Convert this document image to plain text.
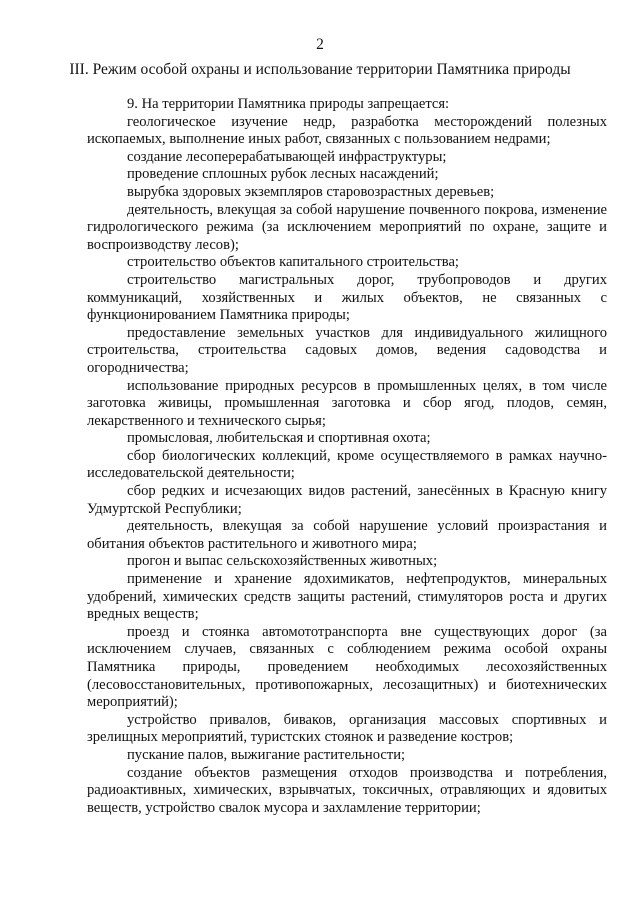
2
III. Режим особой охраны и использование территории Памятника природы

9. На территории Памятника природы запрещается:

геологическое изучение недр, разработка месторождений полезных ископаемых, выполнение иных работ, связанных с пользованием недрами;

создание лесоперерабатывающей инфраструктуры;

проведение сплошных рубок лесных насаждений;

вырубка здоровых экземпляров старовозрастных деревьев;

деятельность, влекущая за собой нарушение почвенного покрова, изменение гидрологического режима (за исключением мероприятий по охране, защите и воспроизводству лесов);

строительство объектов капитального строительства;

строительство магистральных дорог, трубопроводов и других коммуникаций, хозяйственных и жилых объектов, не связанных с функционированием Памятника природы;

предоставление земельных участков для индивидуального жилищного строительства, строительства садовых домов, ведения садоводства и огородничества;

использование природных ресурсов в промышленных целях, в том числе заготовка живицы, промышленная заготовка и сбор ягод, плодов, семян, лекарственного и технического сырья;

промысловая, любительская и спортивная охота;

сбор биологических коллекций, кроме осуществляемого в рамках научно-исследовательской деятельности;

сбор редких и исчезающих видов растений, занесённых в Красную книгу Удмуртской Республики;

деятельность, влекущая за собой нарушение условий произрастания и обитания объектов растительного и животного мира;

прогон и выпас сельскохозяйственных животных;

применение и хранение ядохимикатов, нефтепродуктов, минеральных удобрений, химических средств защиты растений, стимуляторов роста и других вредных веществ;

проезд и стоянка автомототранспорта вне существующих дорог (за исключением случаев, связанных с соблюдением режима особой охраны Памятника природы, проведением необходимых лесохозяйственных (лесовосстановительных, противопожарных, лесозащитных) и биотехнических мероприятий);

устройство привалов, биваков, организация массовых спортивных и зрелищных мероприятий, туристских стоянок и разведение костров;

пускание палов, выжигание растительности;

создание объектов размещения отходов производства и потребления, радиоактивных, химических, взрывчатых, токсичных, отравляющих и ядовитых веществ, устройство свалок мусора и захламление территории;
